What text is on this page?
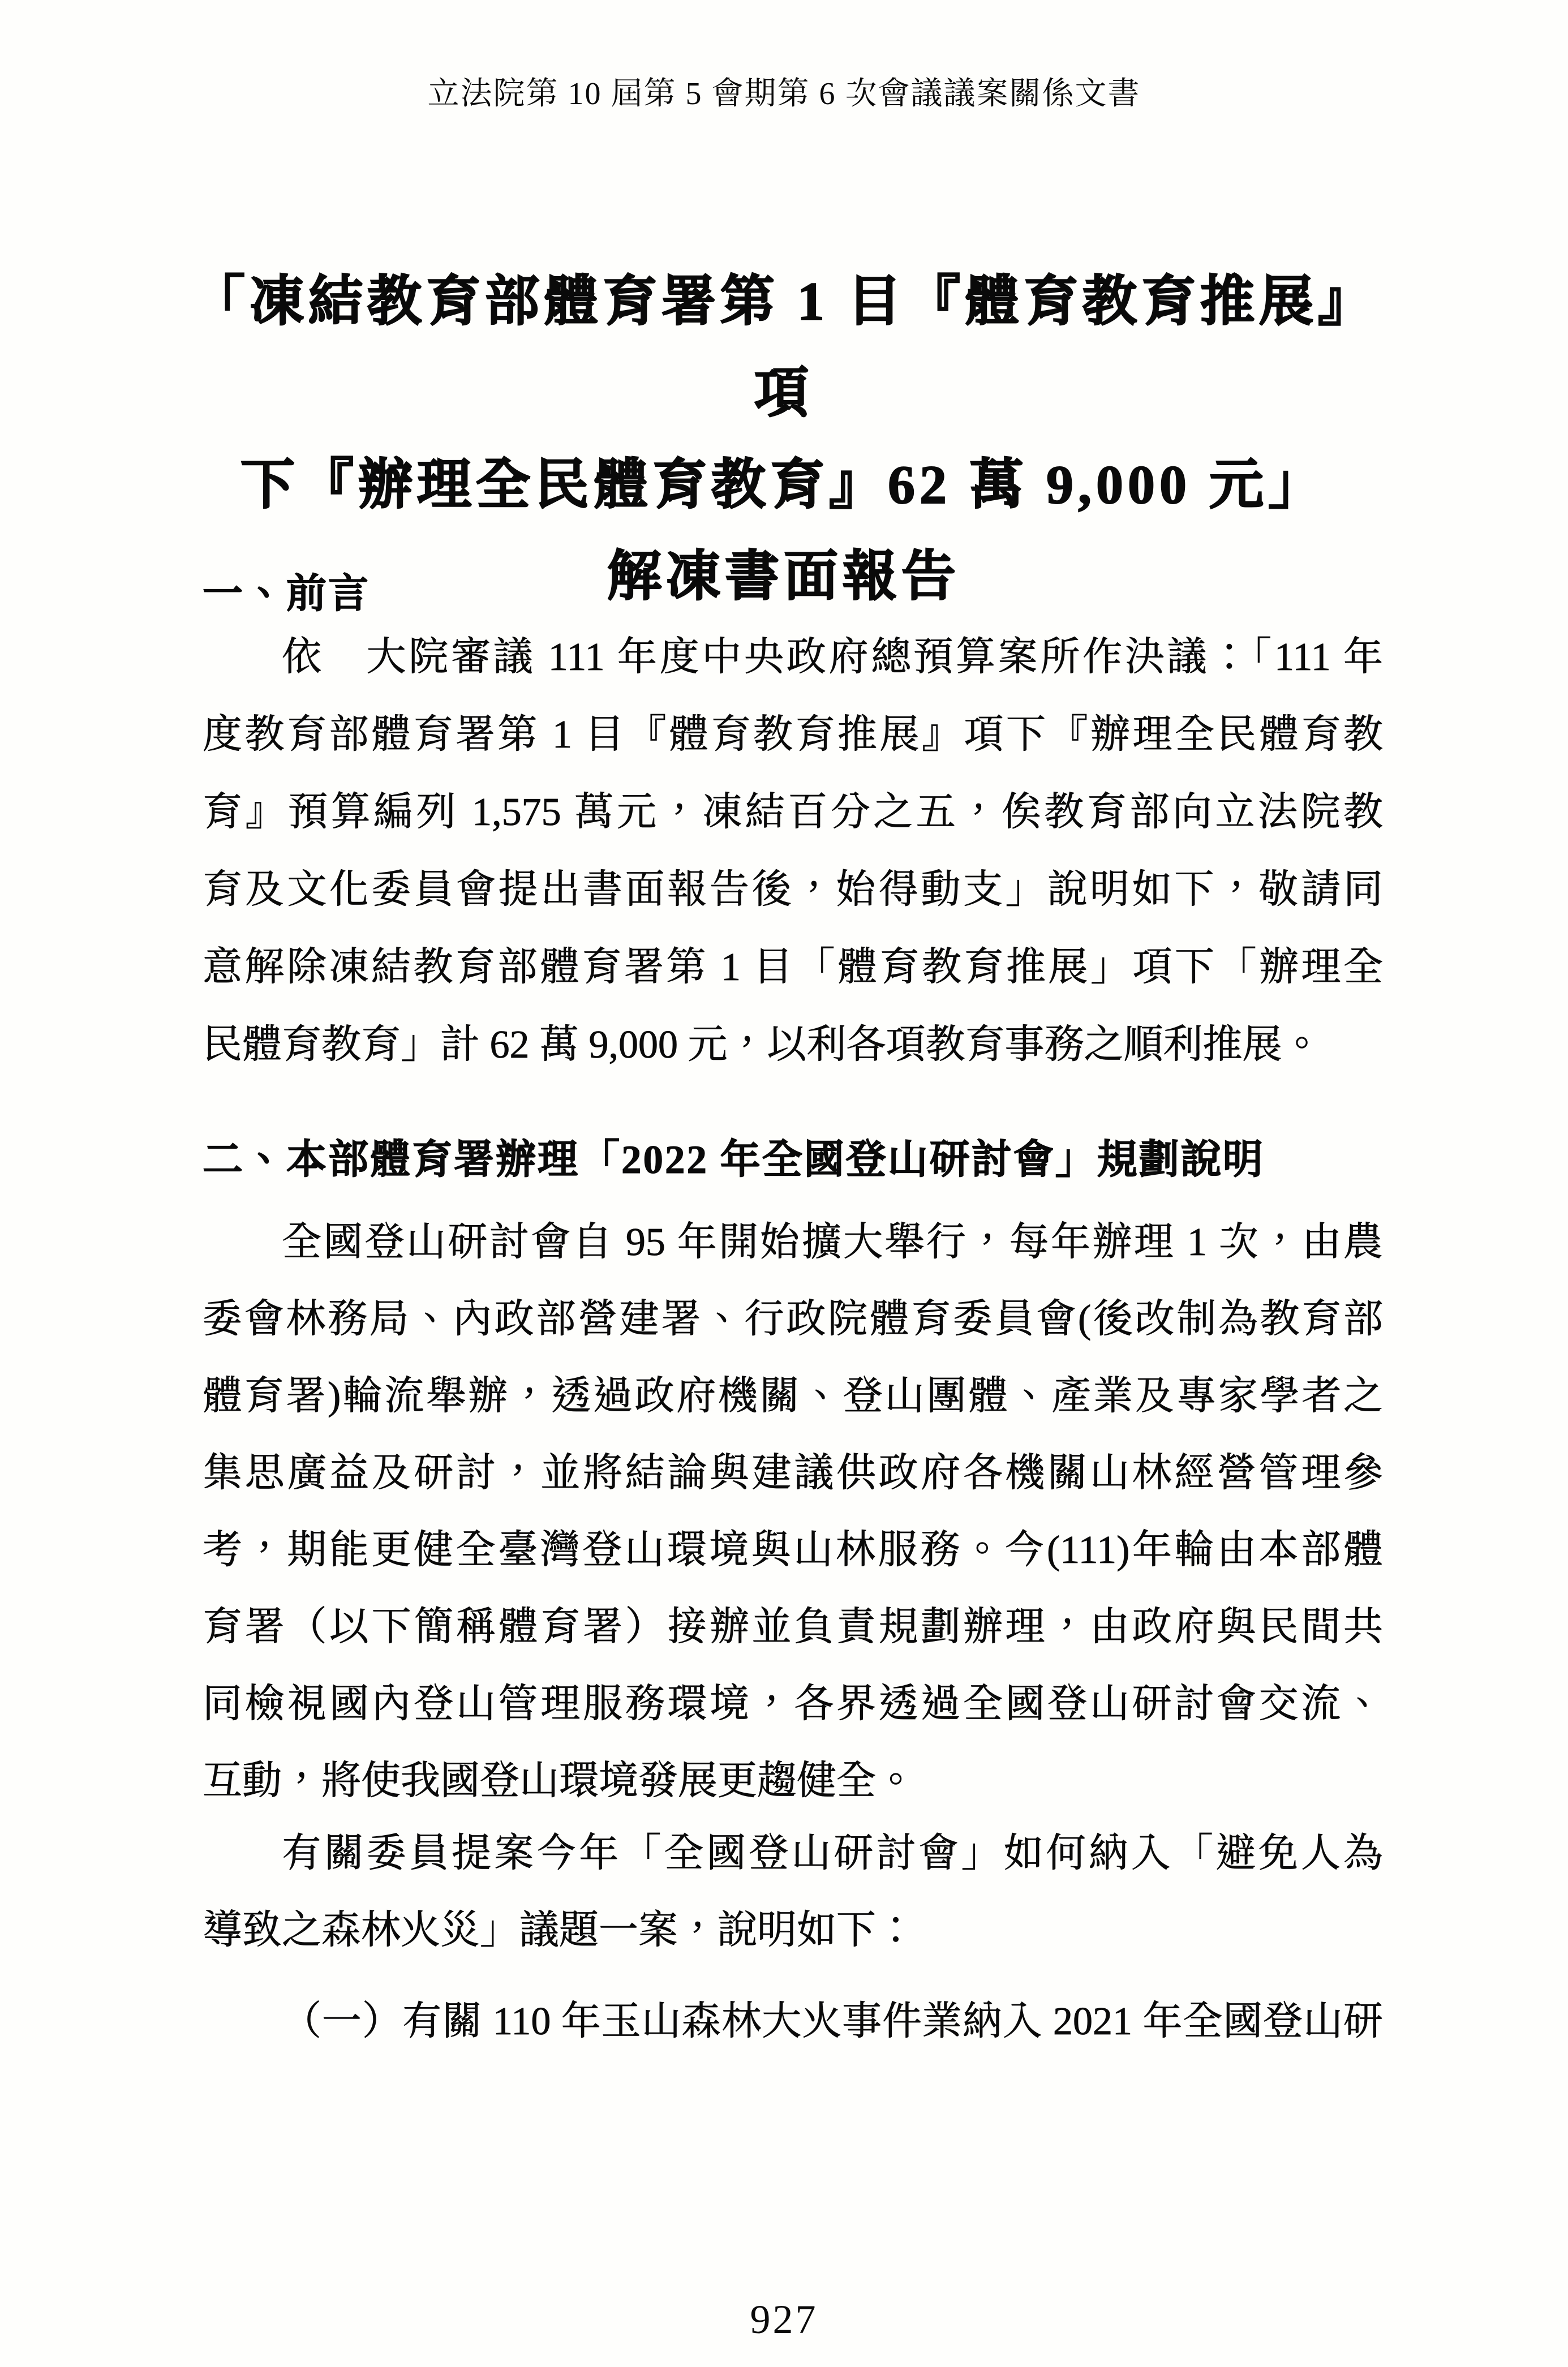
立法院第 10 屆第 5 會期第 6 次會議議案關係文書
「凍結教育部體育署第 1 目『體育教育推展』項
下『辦理全民體育教育』62 萬 9,000 元」
解凍書面報告
一、前言
依　大院審議 111 年度中央政府總預算案所作決議：「111 年
度教育部體育署第 1 目『體育教育推展』項下『辦理全民體育教
育』預算編列 1,575 萬元，凍結百分之五，俟教育部向立法院教
育及文化委員會提出書面報告後，始得動支」說明如下，敬請同
意解除凍結教育部體育署第 1 目「體育教育推展」項下「辦理全
民體育教育」計 62 萬 9,000 元，以利各項教育事務之順利推展。
二、本部體育署辦理「2022 年全國登山研討會」規劃說明
全國登山研討會自 95 年開始擴大舉行，每年辦理 1 次，由農
委會林務局、內政部營建署、行政院體育委員會(後改制為教育部
體育署)輪流舉辦，透過政府機關、登山團體、產業及專家學者之
集思廣益及研討，並將結論與建議供政府各機關山林經營管理參
考，期能更健全臺灣登山環境與山林服務。今(111)年輪由本部體
育署（以下簡稱體育署）接辦並負責規劃辦理，由政府與民間共
同檢視國內登山管理服務環境，各界透過全國登山研討會交流、
互動，將使我國登山環境發展更趨健全。
有關委員提案今年「全國登山研討會」如何納入「避免人為
導致之森林火災」議題一案，說明如下：
（一）有關 110 年玉山森林大火事件業納入 2021 年全國登山研
927
